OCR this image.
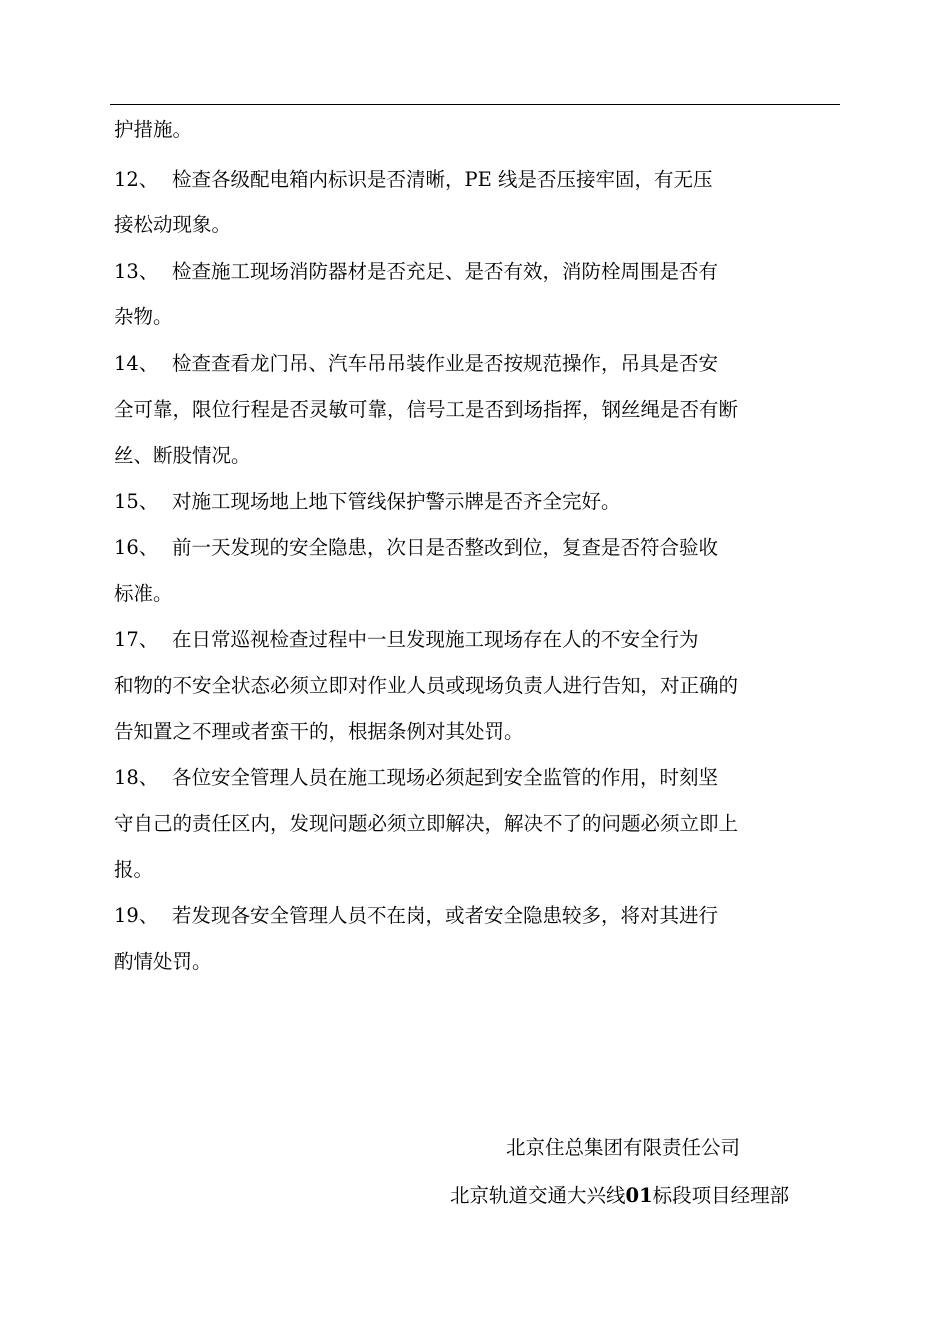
护措施。
12、 检查各级配电箱内标识是否清晰，PE 线是否压接牢固，有无压
接松动现象。
13、 检查施工现场消防器材是否充足、是否有效，消防栓周围是否有
杂物。
14、 检查查看龙门吊、汽车吊吊装作业是否按规范操作，吊具是否安
全可靠，限位行程是否灵敏可靠，信号工是否到场指挥，钢丝绳是否有断
丝、断股情况。
15、 对施工现场地上地下管线保护警示牌是否齐全完好。
16、 前一天发现的安全隐患，次日是否整改到位，复查是否符合验收
标准。
17、 在日常巡视检查过程中一旦发现施工现场存在人的不安全行为
和物的不安全状态必须立即对作业人员或现场负责人进行告知，对正确的
告知置之不理或者蛮干的，根据条例对其处罚。
18、 各位安全管理人员在施工现场必须起到安全监管的作用，时刻坚
守自己的责任区内，发现问题必须立即解决，解决不了的问题必须立即上
报。
19、 若发现各安全管理人员不在岗，或者安全隐患较多，将对其进行
酌情处罚。
北京住总集团有限责任公司
北京轨道交通大兴线01标段项目经理部
